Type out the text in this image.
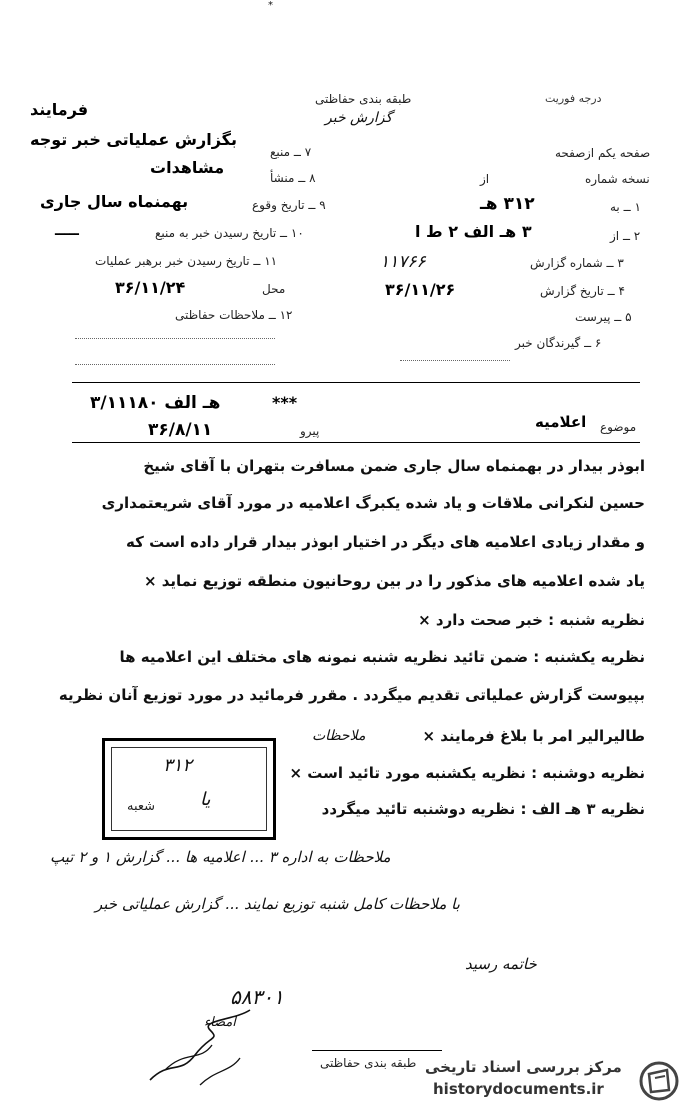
*
طبقه بندی حفاظتی
گزارش خبر
درجه فوریت
فرمایند
بگزارش عملیاتی خبر توجه
مشاهدات
۷ ــ منبع
۸ ــ منشأ
۹ ــ تاریخ وقوع
بهمنماه سال جاری
۱۰ ــ تاریخ رسیدن خبر به منبع
ـــــ
۱۱ ــ تاریخ رسیدن خبر برهبر عملیات
محل
۳۶/۱۱/۲۴
۱۲ ــ ملاحظات حفاظتی
صفحه یکم از
صفحه
نسخه شماره
از
۱ ــ به
۳۱۲ هـ
۲ ــ از
۳ هـ الف ۲ ط ا
۳ ــ شماره گزارش
۱۱۷۶۶
۴ ــ تاریخ گزارش
۳۶/۱۱/۲۶
۵ ــ پیرست
۶ ــ گیرندگان خبر
۳/۱۱۱۸۰ هـ الف	***
پیرو
۳۶/۸/۱۱	موضوع
اعلامیه
ابوذر بیدار در بهمنماه سال جاری ضمن مسافرت بتهران با آقای شیخ
حسین لنکرانی ملاقات و یاد شده یکبرگ اعلامیه در مورد آقای شریعتمداری
و مقدار زیادی اعلامیه های دیگر در اختیار ابوذر بیدار قرار داده است که
یاد شده اعلامیه های مذکور را در بین روحانیون منطقه توزیع نماید ×
نظریه شنبه : خبر صحت دارد ×
نظریه یکشنبه : ضمن تائید نظریه شنبه نمونه های مختلف این اعلامیه ها
بپیوست گزارش عملیاتی تقدیم میگردد . مقرر فرمائید در مورد توزیع آنان نظریه
طالیرالیر امر با بلاغ فرمایند ×
نظریه دوشنبه : نظریه یکشنبه مورد تائید است ×
نظریه ۳ هـ الف : نظریه دوشنبه تائید میگردد
ملاحظات
۳۱۲
یا
شعبه
ملاحظات به اداره ۳ ... اعلامیه ها ... گزارش ۱ و ۲ تیپ
با ملاحظات کامل شنبه توزیع نمایند ... گزارش عملیاتی خبر
خاتمه رسید
۵۸۳۰۱
امضاء
طبقه بندی حفاظتی مرکز بررسی اسناد تاریخی
historydocuments.ir
